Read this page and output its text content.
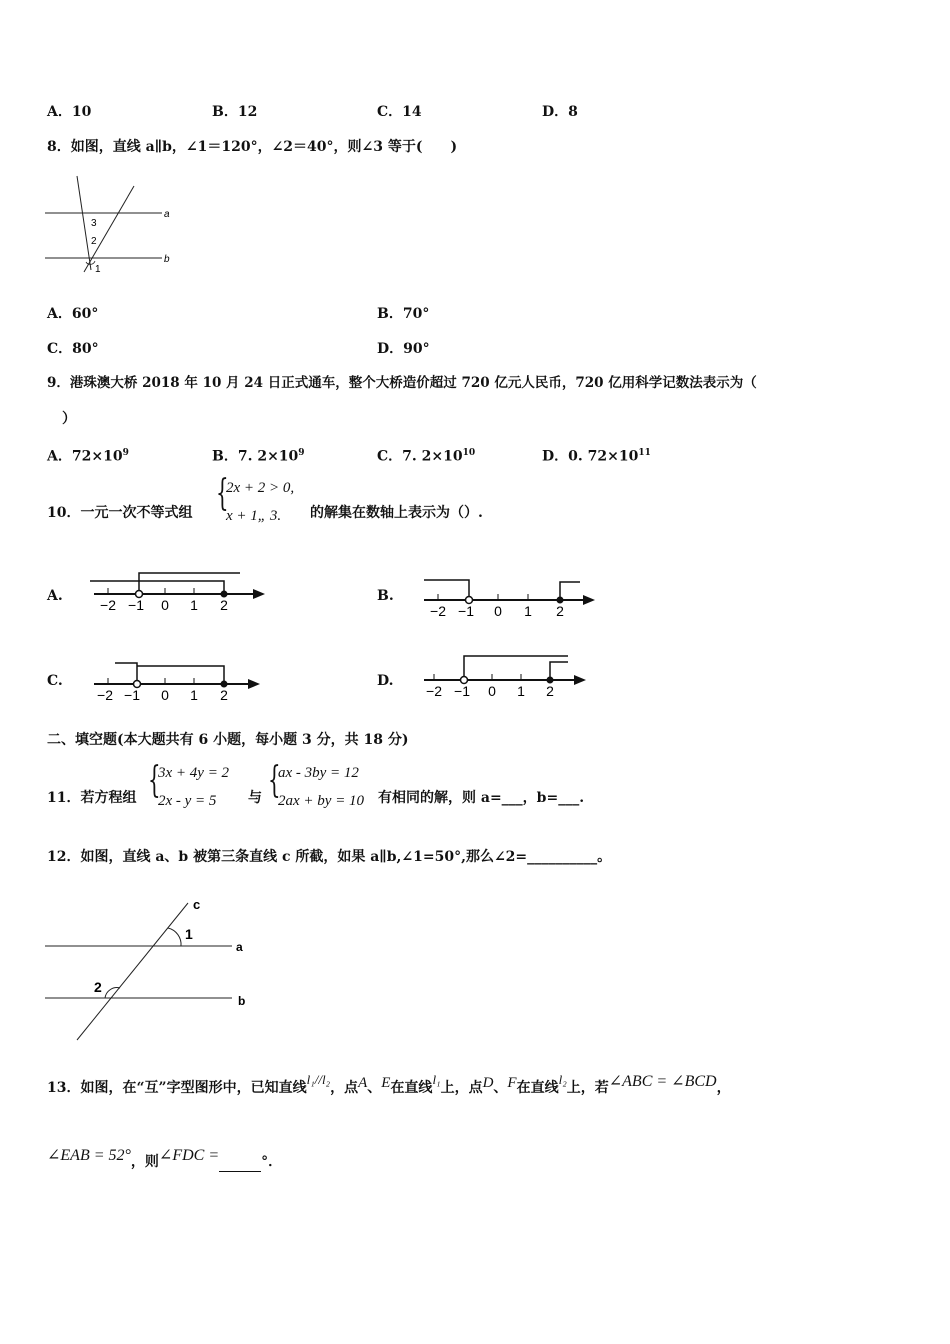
A．10	B．12	C．14	D．8
8．如图，直线 a∥b，∠1＝120°，∠2＝40°，则∠3 等于(　　)
a
b
3
2
1
A．60°	B．70°
C．80°	D．90°
9．港珠澳大桥 2018 年 10 月 24 日正式通车，整个大桥造价超过 720 亿元人民币，720 亿用科学记数法表示为（
）
A．$72\times 10^9$	B．7. $2\times 10^9$	C．7. $2\times 10^{10}$	D．0. $72\times 10^{11}$
10．一元一次不等式组 {
2x + 2 > 0,
x + 1„ 3. 的解集在数轴上表示为（）.
A.
−2 −1 0 1 2
B.
−2 −1 0 1 2
C.
−2 −1 0 1 2
D.
−2 −1 0 1 2
二、填空题(本大题共有 6 小题，每小题 3 分，共 18 分)
11．若方程组 {
3x + 4y = 2
2x - y = 5 与 {
ax - 3by = 12
2ax + by = 10 有相同的解，则 a=___，b=___.
12．如图，直线 a、b 被第三条直线 c 所截，如果 a∥b,∠1=50°,那么∠2=__________。
c
a
b
1
2
13．如图，在“互”字型图形中，已知直线l₁//l₂，点A、E在直线l₁上，点D、F在直线l₂上，若∠ABC = ∠BCD，
∠EAB = 52°，则∠FDC =	°．
